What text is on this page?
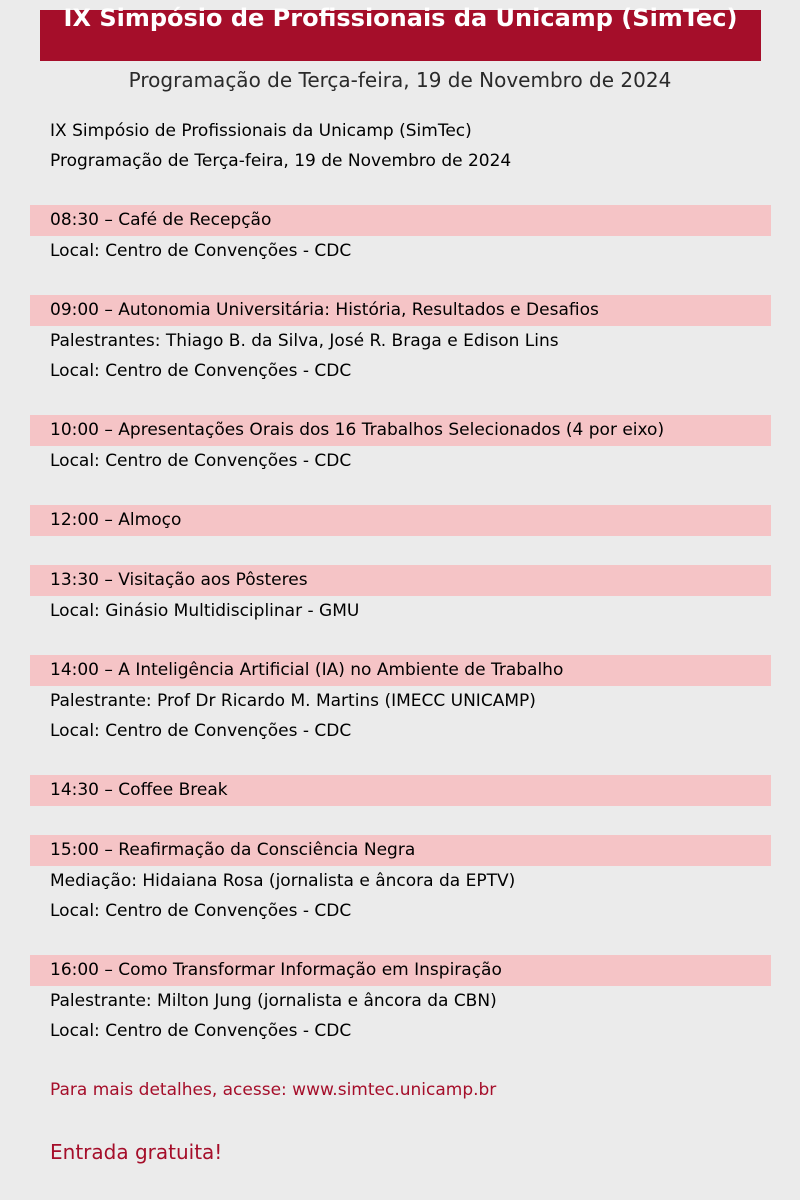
IX Simpósio de Profissionais da Unicamp (SimTec)
Programação de Terça-feira, 19 de Novembro de 2024
IX Simpósio de Profissionais da Unicamp (SimTec)
Programação de Terça-feira, 19 de Novembro de 2024
08:30 – Café de Recepção
Local: Centro de Convenções - CDC
09:00 – Autonomia Universitária: História, Resultados e Desafios
Palestrantes: Thiago B. da Silva, José R. Braga e Edison Lins
Local: Centro de Convenções - CDC
10:00 – Apresentações Orais dos 16 Trabalhos Selecionados (4 por eixo)
Local: Centro de Convenções - CDC
12:00 – Almoço
13:30 – Visitação aos Pôsteres
Local: Ginásio Multidisciplinar - GMU
14:00 – A Inteligência Artificial (IA) no Ambiente de Trabalho
Palestrante: Prof Dr Ricardo M. Martins (IMECC UNICAMP)
Local: Centro de Convenções - CDC
14:30 – Coffee Break
15:00 – Reafirmação da Consciência Negra
Mediação: Hidaiana Rosa (jornalista e âncora da EPTV)
Local: Centro de Convenções - CDC
16:00 – Como Transformar Informação em Inspiração
Palestrante: Milton Jung (jornalista e âncora da CBN)
Local: Centro de Convenções - CDC
Para mais detalhes, acesse: www.simtec.unicamp.br
Entrada gratuita!
